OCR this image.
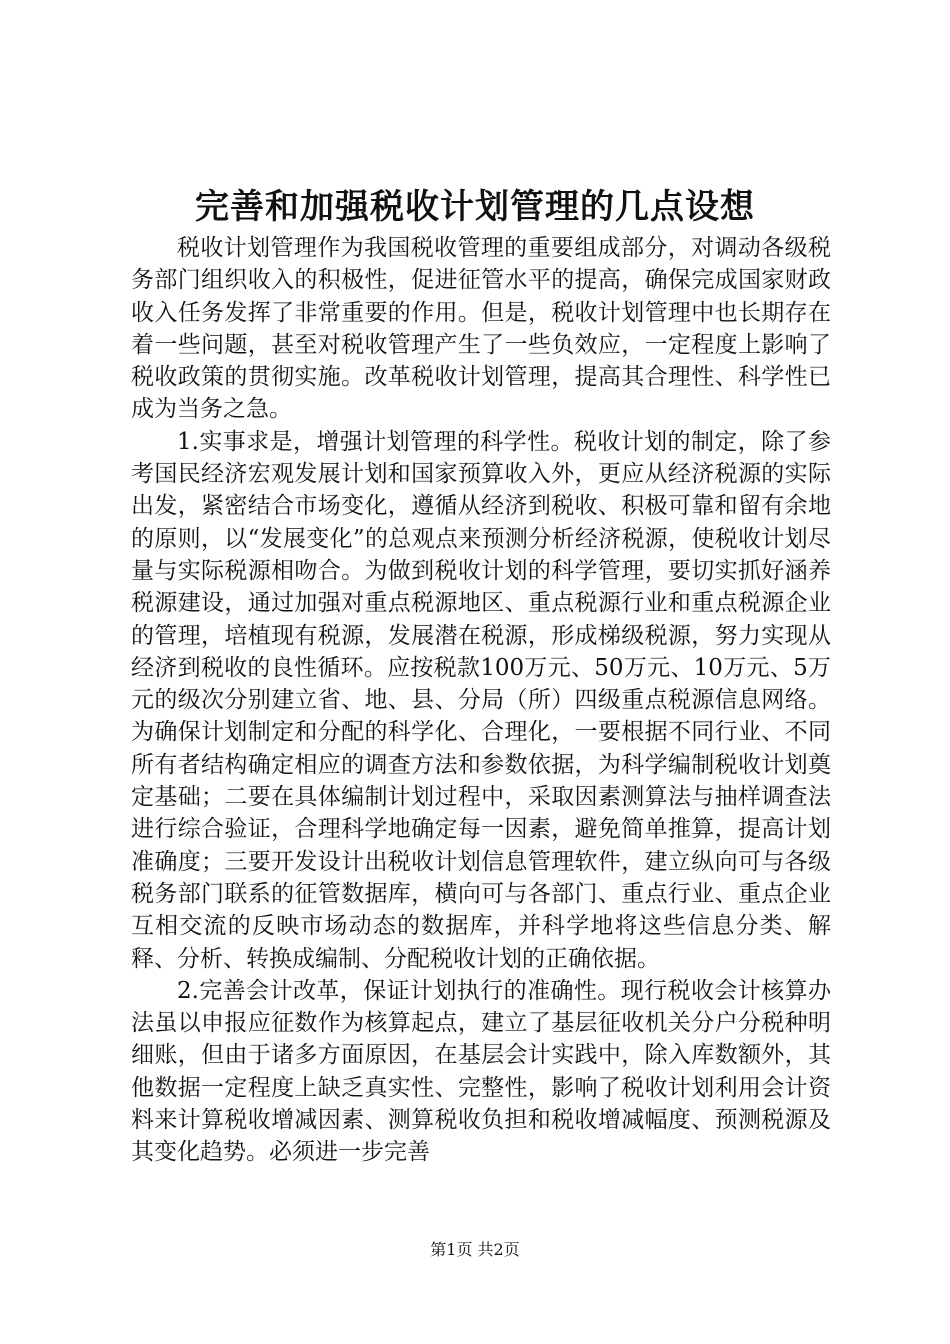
完善和加强税收计划管理的几点设想

税收计划管理作为我国税收管理的重要组成部分，对调动各级税务部门组织收入的积极性，促进征管水平的提高，确保完成国家财政收入任务发挥了非常重要的作用。但是，税收计划管理中也长期存在着一些问题，甚至对税收管理产生了一些负效应，一定程度上影响了税收政策的贯彻实施。改革税收计划管理，提高其合理性、科学性已成为当务之急。

1.实事求是，增强计划管理的科学性。税收计划的制定，除了参考国民经济宏观发展计划和国家预算收入外，更应从经济税源的实际出发，紧密结合市场变化，遵循从经济到税收、积极可靠和留有余地的原则，以“发展变化”的总观点来预测分析经济税源，使税收计划尽量与实际税源相吻合。为做到税收计划的科学管理，要切实抓好涵养税源建设，通过加强对重点税源地区、重点税源行业和重点税源企业的管理，培植现有税源，发展潜在税源，形成梯级税源，努力实现从经济到税收的良性循环。应按税款100万元、50万元、10万元、5万元的级次分别建立省、地、县、分局（所）四级重点税源信息网络。为确保计划制定和分配的科学化、合理化，一要根据不同行业、不同所有者结构确定相应的调查方法和参数依据，为科学编制税收计划奠定基础；二要在具体编制计划过程中，采取因素测算法与抽样调查法进行综合验证，合理科学地确定每一因素，避免简单推算，提高计划准确度；三要开发设计出税收计划信息管理软件，建立纵向可与各级税务部门联系的征管数据库，横向可与各部门、重点行业、重点企业互相交流的反映市场动态的数据库，并科学地将这些信息分类、解释、分析、转换成编制、分配税收计划的正确依据。

2.完善会计改革，保证计划执行的准确性。现行税收会计核算办法虽以申报应征数作为核算起点，建立了基层征收机关分户分税种明细账，但由于诸多方面原因，在基层会计实践中，除入库数额外，其他数据一定程度上缺乏真实性、完整性，影响了税收计划利用会计资料来计算税收增减因素、测算税收负担和税收增减幅度、预测税源及其变化趋势。必须进一步完善

第1页 共2页
